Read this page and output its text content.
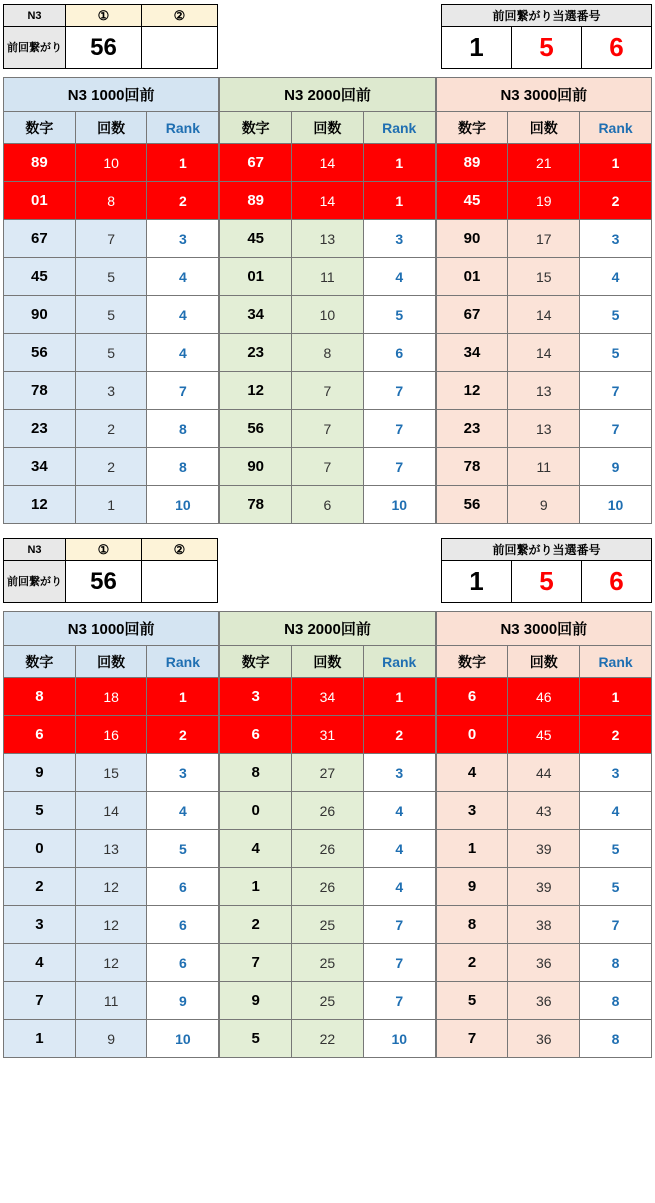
N3	①	②
前回繋がり	56	
前回繋がり当選番号
1	5	6
N3 1000回前		
数字	回数	Rank
89	10	1
01	8	2
67	7	3
45	5	4
90	5	4
56	5	4
78	3	7
23	2	8
34	2	8
12	1	10
N3 2000回前		
数字	回数	Rank
67	14	1
89	14	1
45	13	3
01	11	4
34	10	5
23	8	6
12	7	7
56	7	7
90	7	7
78	6	10
N3 3000回前		
数字	回数	Rank
89	21	1
45	19	2
90	17	3
01	15	4
67	14	5
34	14	5
12	13	7
23	13	7
78	11	9
56	9	10
N3	①	②
前回繋がり	56	
前回繋がり当選番号
1	5	6
N3 1000回前		
数字	回数	Rank
8	18	1
6	16	2
9	15	3
5	14	4
0	13	5
2	12	6
3	12	6
4	12	6
7	11	9
1	9	10
N3 2000回前		
数字	回数	Rank
3	34	1
6	31	2
8	27	3
0	26	4
4	26	4
1	26	4
2	25	7
7	25	7
9	25	7
5	22	10
N3 3000回前		
数字	回数	Rank
6	46	1
0	45	2
4	44	3
3	43	4
1	39	5
9	39	5
8	38	7
2	36	8
5	36	8
7	36	8
